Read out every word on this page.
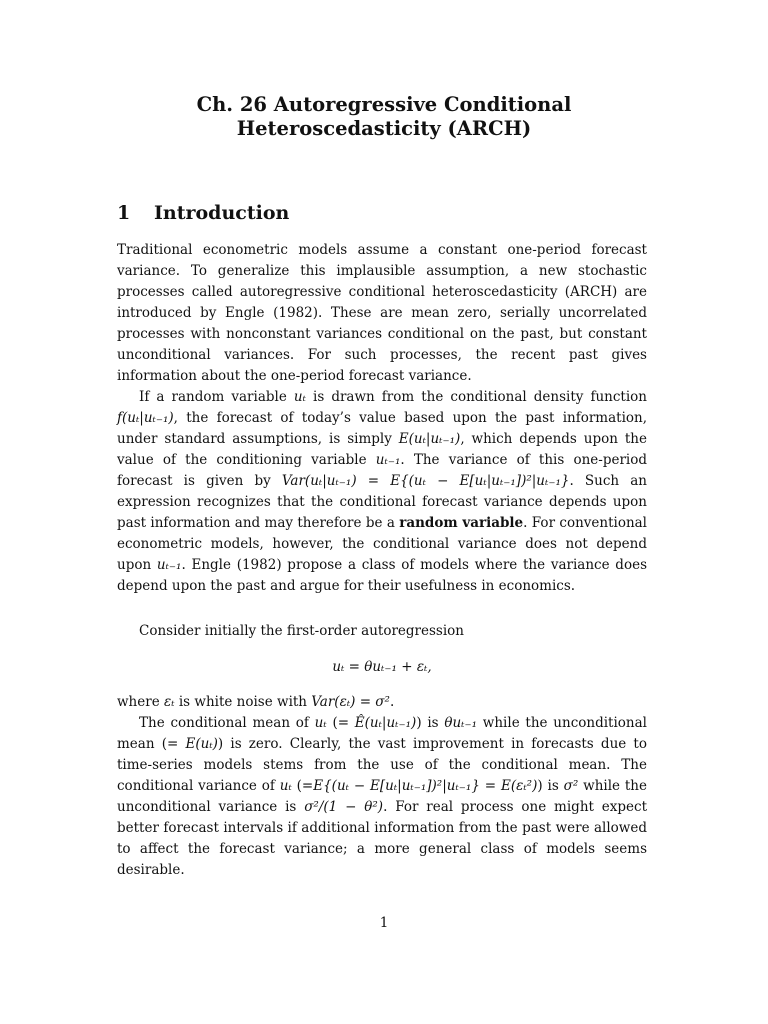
Ch. 26 Autoregressive Conditional
Heteroscedasticity (ARCH)
1 Introduction

Traditional econometric models assume a constant one-period forecast variance. To generalize this implausible assumption, a new stochastic processes called autoregressive conditional heteroscedasticity (ARCH) are introduced by Engle (1982). These are mean zero, serially uncorrelated processes with nonconstant variances conditional on the past, but constant unconditional variances. For such processes, the recent past gives information about the one-period forecast variance.

If a random variable uₜ is drawn from the conditional density function f(uₜ|uₜ₋₁), the forecast of today’s value based upon the past information, under standard assumptions, is simply E(uₜ|uₜ₋₁), which depends upon the value of the conditioning variable uₜ₋₁. The variance of this one-period forecast is given by Var(uₜ|uₜ₋₁) = E{(uₜ − E[uₜ|uₜ₋₁])²|uₜ₋₁}. Such an expression recognizes that the conditional forecast variance depends upon past information and may therefore be a random variable. For conventional econometric models, however, the conditional variance does not depend upon uₜ₋₁. Engle (1982) propose a class of models where the variance does depend upon the past and argue for their usefulness in economics.

Consider initially the first-order autoregression

uₜ = θuₜ₋₁ + εₜ,

where εₜ is white noise with Var(εₜ) = σ².

The conditional mean of uₜ (= Ê(uₜ|uₜ₋₁)) is θuₜ₋₁ while the unconditional mean (= E(uₜ)) is zero. Clearly, the vast improvement in forecasts due to time-series models stems from the use of the conditional mean. The conditional variance of uₜ (=E{(uₜ − E[uₜ|uₜ₋₁])²|uₜ₋₁} = E(εₜ²)) is σ² while the unconditional variance is σ²/(1 − θ²). For real process one might expect better forecast intervals if additional information from the past were allowed to affect the forecast variance; a more general class of models seems desirable.

1
